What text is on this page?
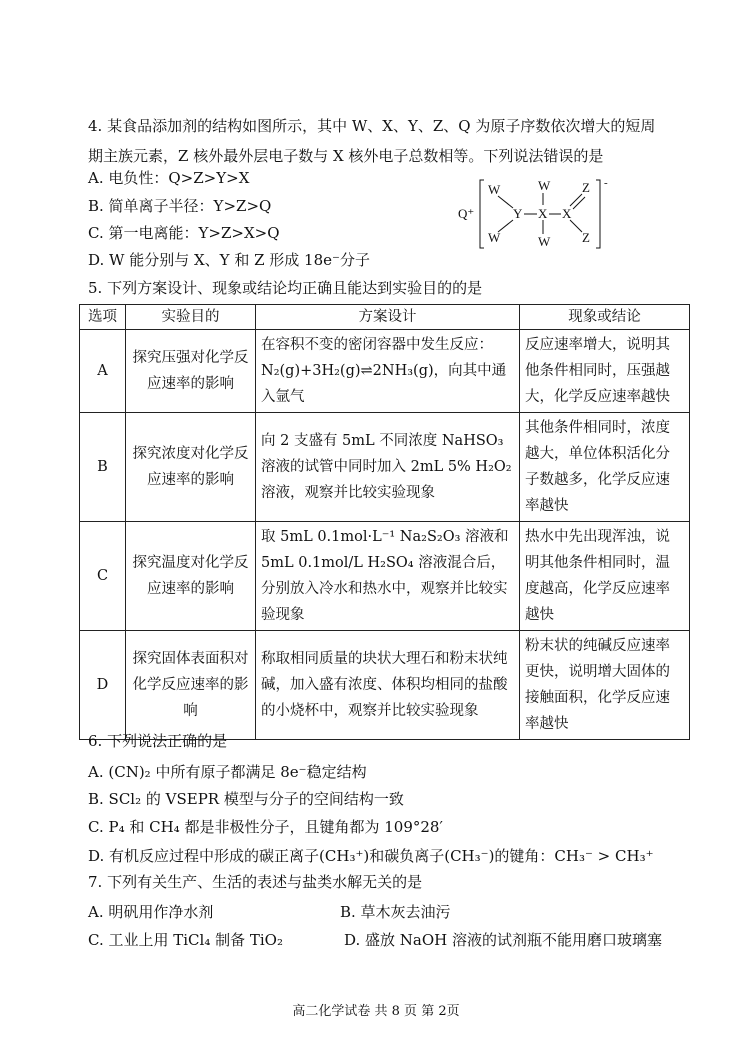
4. 某食品添加剂的结构如图所示，其中 W、X、Y、Z、Q 为原子序数依次增大的短周
期主族元素，Z 核外最外层电子数与 X 核外电子总数相等。下列说法错误的是
A. 电负性：Q>Z>Y>X
B. 简单离子半径：Y>Z>Q
C. 第一电离能：Y>Z>X>Q
D. W 能分别与 X、Y 和 Z 形成 18e⁻分子
Q⁺
-
W
W
Y
W
X
W
X
Z
Z
5. 下列方案设计、现象或结论均正确且能达到实验目的的是
选项	实验目的	方案设计	现象或结论
A	探究压强对化学反应速率的影响	在容积不变的密闭容器中发生反应：N₂(g)+3H₂(g)⇌2NH₃(g)，向其中通入氩气	反应速率增大，说明其他条件相同时，压强越大，化学反应速率越快
B	探究浓度对化学反应速率的影响	向 2 支盛有 5mL 不同浓度 NaHSO₃ 溶液的试管中同时加入 2mL 5% H₂O₂ 溶液，观察并比较实验现象	其他条件相同时，浓度越大，单位体积活化分子数越多，化学反应速率越快
C	探究温度对化学反应速率的影响	取 5mL 0.1mol·L⁻¹ Na₂S₂O₃ 溶液和 5mL 0.1mol/L H₂SO₄ 溶液混合后，分别放入冷水和热水中，观察并比较实验现象	热水中先出现浑浊，说明其他条件相同时，温度越高，化学反应速率越快
D	探究固体表面积对化学反应速率的影响	称取相同质量的块状大理石和粉末状纯碱，加入盛有浓度、体积均相同的盐酸的小烧杯中，观察并比较实验现象	粉末状的纯碱反应速率更快，说明增大固体的接触面积，化学反应速率越快
6. 下列说法正确的是
A. (CN)₂ 中所有原子都满足 8e⁻稳定结构
B. SCl₂ 的 VSEPR 模型与分子的空间结构一致
C. P₄ 和 CH₄ 都是非极性分子，且键角都为 109°28′
D. 有机反应过程中形成的碳正离子(CH₃⁺)和碳负离子(CH₃⁻)的键角：CH₃⁻ > CH₃⁺
7. 下列有关生产、生活的表述与盐类水解无关的是
A. 明矾用作净水剂	B. 草木灰去油污
C. 工业上用 TiCl₄ 制备 TiO₂	D. 盛放 NaOH 溶液的试剂瓶不能用磨口玻璃塞
高二化学试卷 共 8 页 第 2页
